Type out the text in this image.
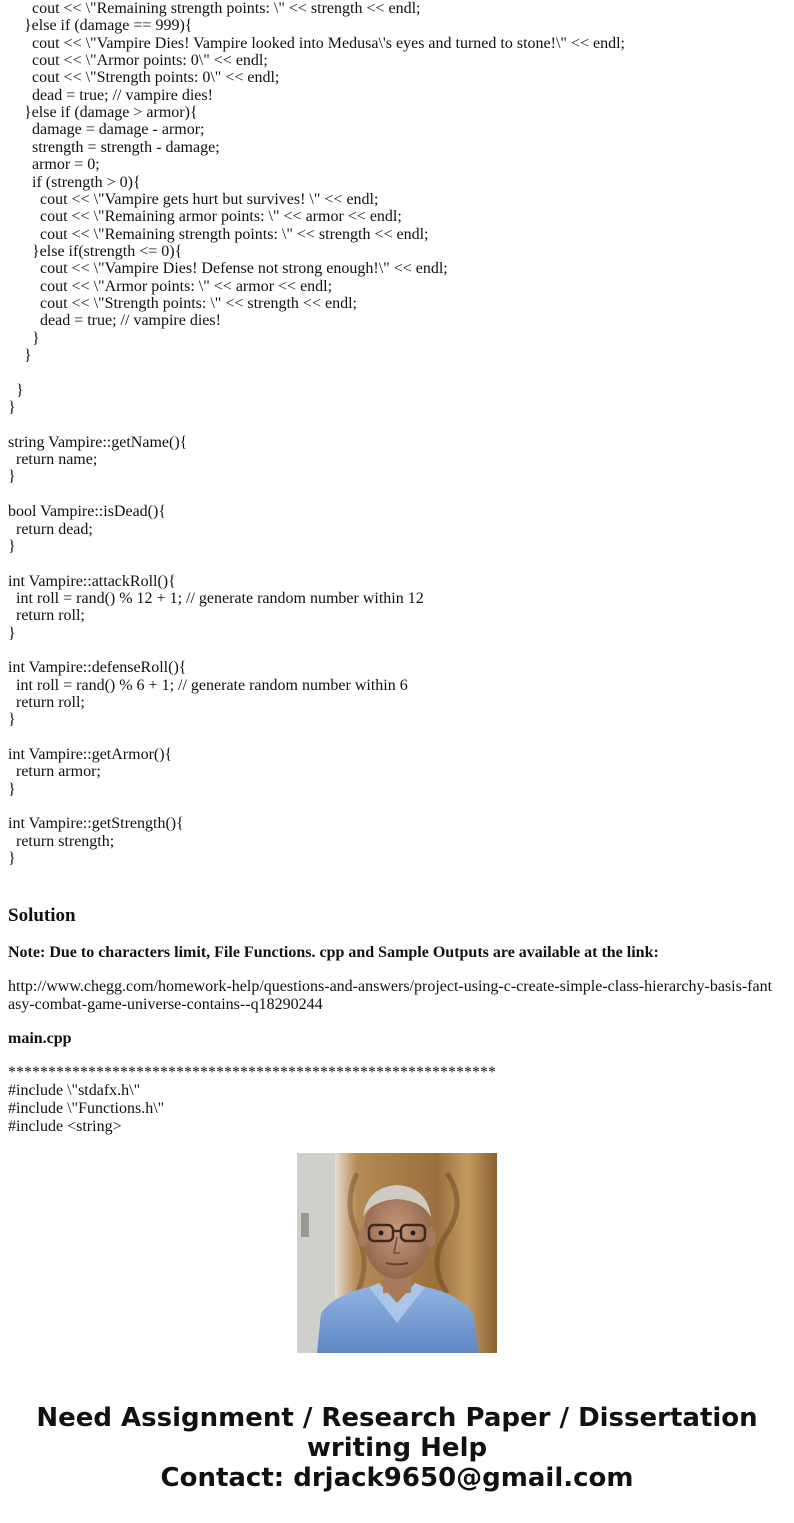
cout << \"Remaining strength points: \" << strength << endl;
}else if (damage == 999){
cout << \"Vampire Dies! Vampire looked into Medusa\'s eyes and turned to stone!\" << endl;
cout << \"Armor points: 0\" << endl;
cout << \"Strength points: 0\" << endl;
dead = true; // vampire dies!
}else if (damage > armor){
damage = damage - armor;
strength = strength - damage;
armor = 0;
if (strength > 0){
cout << \"Vampire gets hurt but survives! \" << endl;
cout << \"Remaining armor points: \" << armor << endl;
cout << \"Remaining strength points: \" << strength << endl;
}else if(strength <= 0){
cout << \"Vampire Dies! Defense not strong enough!\" << endl;
cout << \"Armor points: \" << armor << endl;
cout << \"Strength points: \" << strength << endl;
dead = true; // vampire dies!
}
}
}
}
string Vampire::getName(){
return name;
}
bool Vampire::isDead(){
return dead;
}
int Vampire::attackRoll(){
int roll = rand() % 12 + 1; // generate random number within 12
return roll;
}
int Vampire::defenseRoll(){
int roll = rand() % 6 + 1; // generate random number within 6
return roll;
}
int Vampire::getArmor(){
return armor;
}
int Vampire::getStrength(){
return strength;
}
Solution

Note: Due to characters limit, File Functions. cpp and Sample Outputs are available at the link:

http://www.chegg.com/homework-help/questions-and-answers/project-using-c-create-simple-class-hierarchy-basis-fantasy-combat-game-universe-contains--q18290244

main.cpp

*************************************************************
#include \"stdafx.h\"
#include \"Functions.h\"
#include <string>
Need Assignment / Research Paper / Dissertation
writing Help
Contact: drjack9650@gmail.com
